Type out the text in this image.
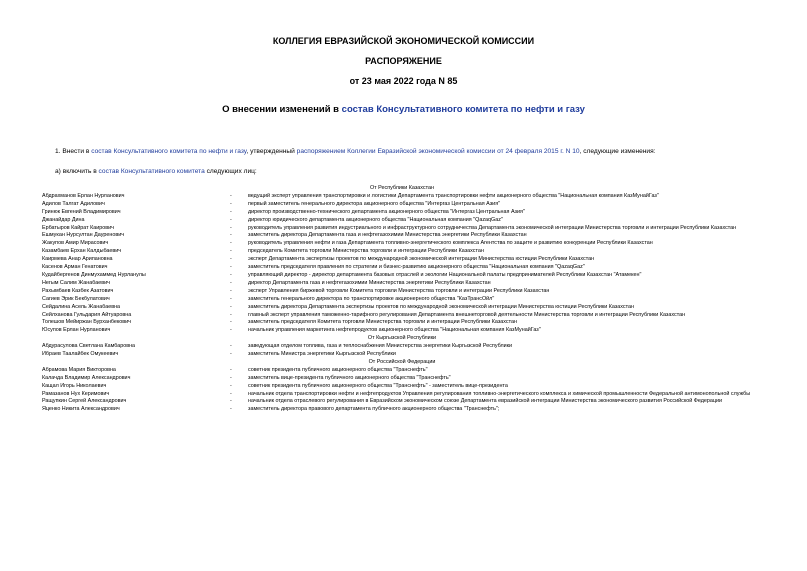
КОЛЛЕГИЯ ЕВРАЗИЙСКОЙ ЭКОНОМИЧЕСКОЙ КОМИССИИ
РАСПОРЯЖЕНИЕ
от 23 мая 2022 года N 85
О внесении изменений в состав Консультативного комитета по нефти и газу
1. Внести в состав Консультативного комитета по нефти и газу, утвержденный распоряжением Коллегии Евразийской экономической комиссии от 24 февраля 2015 г. N 10, следующие изменения:
а) включить в состав Консультативного комитета следующих лиц:
От Республики Казахстан
Абдрахманов Ерлан Нурланович	-	ведущий эксперт управления транспортировки и логистики Департамента транспортировки нефти акционерного общества "Национальная компания КазМунайГаз"
Адилов Талгат Адилович	-	первый заместитель генерального директора акционерного общества "Интергаз Центральная Азия"
Гринюк Евгений Владимирович	-	директор производственно-технического департамента акционерного общества "Интергаз Центральная Азия"
Джанайдар Дина	-	директор юридического департамента акционерного общества "Национальная компания "QazaqGaz"
Ербатыров Кайрат Каирович	-	руководитель управления развития индустриального и инфраструктурного сотрудничества Департамента экономической интеграции Министерства торговли и интеграции Республики Казахстан
Ешмукан Нурсултан Дауренович	-	заместитель директора Департамента газа и нефтегазохимии Министерства энергетики Республики Казахстан
Жакупов Амир Мирасович	-	руководитель управления нефти и газа Департамента топливно-энергетического комплекса Агентства по защите и развитию конкуренции Республики Казахстан
Казамбаев Ерхан Калдыбаевич	-	председатель Комитета торговли Министерства торговли и интеграции Республики Казахстан
Каирмева Анар Арипановна	-	эксперт Департамента экспертизы проектов по международной экономической интеграции Министерства юстиции Республики Казахстан
Касенов Арман Генатович	-	заместитель председателя правления по стратегии и бизнес-развитию акционерного общества "Национальная компания "QazaqGaz"
Кудайбергенов Динмухаммед Нурланулы	-	управляющий директор - директор департамента базовых отраслей и экологии Национальной палаты предпринимателей Республики Казахстан "Атамекен"
Негым Салим Жанабаевич	-	директор Департамента газа и нефтегазохимии Министерства энергетики Республики Казахстан
Рахымбаев Казбек Азатович	-	эксперт Управления биржевой торговли Комитета торговли Министерства торговли и интеграции Республики Казахстан
Сагиев Эрик Бекбулатович	-	заместитель генерального директора по транспортировке акционерного общества "КазТрансОйл"
Сейдалина Асель Жанабаевна	-	заместитель директора Департамента экспертизы проектов по международной экономической интеграции Министерства юстиции Республики Казахстан
Сейлханова Гульдария Айтуаровна	-	главный эксперт управления таможенно-тарифного регулирования Департамента внешнеторговой деятельности Министерства торговли и интеграции Республики Казахстан
Толешов Мейиржан Бурханбекович	-	заместитель председателя Комитета торговли Министерства торговли и интеграции Республики Казахстан
Юсупов Ерлан Нурланович	-	начальник управления маркетинга нефтепродуктов акционерного общества "Национальная компания КазМунайГаз"
От Кыргызской Республики
Абдурасулова Светлана Камбаровна	-	заведующая отделом топлива, газа и теплоснабжения Министерства энергетики Кыргызской Республики
Ибраев Таалайбек Омукеевич	-	заместитель Министра энергетики Кыргызской Республики
От Российской Федерации
Абрамова Мария Викторовна	-	советник президента публичного акционерного общества "Транснефть"
Калачда Владимир Александрович	-	заместитель вице-президента публичного акционерного общества "Транснефть"
Кащал Игорь Николаевич	-	советник президента публичного акционерного общества "Транснефть" - заместитель вице-президента
Рамазанов Нух Керимович	-	начальник отдела транспортировки нефти и нефтепродуктов Управления регулирования топливно-энергетического комплекса и химической промышленности Федеральной антимонопольной службы
Ращупкин Сергей Александрович	-	начальник отдела отраслевого регулирования в Евразийском экономическом союзе Департамента евразийской интеграции Министерства экономического развития Российской Федерации
Яценко Никита Александрович	-	заместитель директора правового департамента публичного акционерного общества "Транснефть";
